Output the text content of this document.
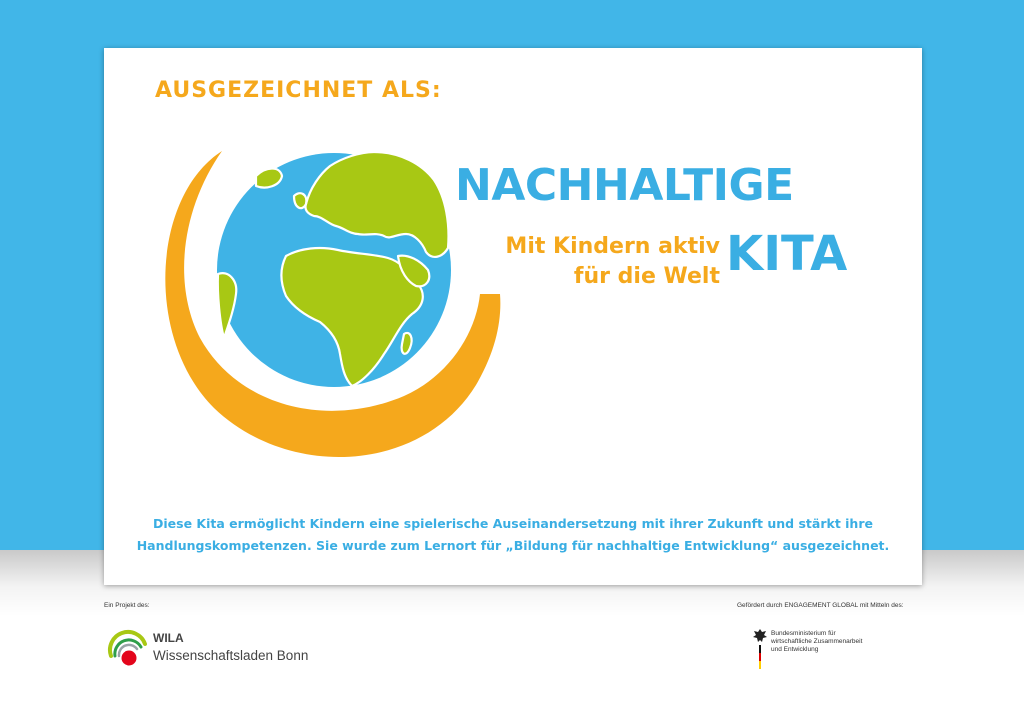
AUSGEZEICHNET ALS:
NACHHALTIGE
Mit Kindern aktiv
für die Welt KITA
Diese Kita ermöglicht Kindern eine spielerische Auseinandersetzung mit ihrer Zukunft und stärkt ihre
Handlungskompetenzen. Sie wurde zum Lernort für „Bildung für nachhaltige Entwicklung“ ausgezeichnet.
Ein Projekt des:	Gefördert durch ENGAGEMENT GLOBAL mit Mitteln des:
WILA
Wissenschaftsladen Bonn
Bundesministerium für
wirtschaftliche Zusammenarbeit
und Entwicklung
